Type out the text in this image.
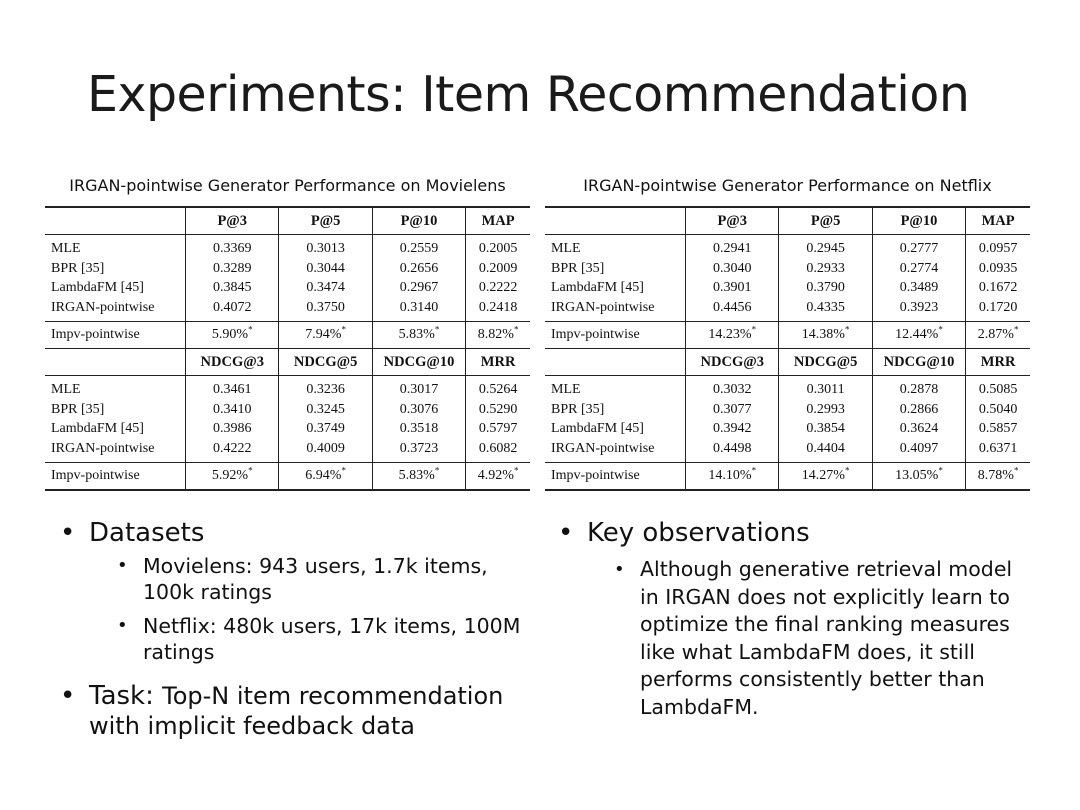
Experiments: Item Recommendation
IRGAN-pointwise Generator Performance on Movielens
	P@3	P@5	P@10	MAP
MLE	0.3369	0.3013	0.2559	0.2005
BPR [35]	0.3289	0.3044	0.2656	0.2009
LambdaFM [45]	0.3845	0.3474	0.2967	0.2222
IRGAN-pointwise	0.4072	0.3750	0.3140	0.2418
Impv-pointwise	5.90%*	7.94%*	5.83%*	8.82%*
	NDCG@3	NDCG@5	NDCG@10	MRR
MLE	0.3461	0.3236	0.3017	0.5264
BPR [35]	0.3410	0.3245	0.3076	0.5290
LambdaFM [45]	0.3986	0.3749	0.3518	0.5797
IRGAN-pointwise	0.4222	0.4009	0.3723	0.6082
Impv-pointwise	5.92%*	6.94%*	5.83%*	4.92%*
IRGAN-pointwise Generator Performance on Netflix
	P@3	P@5	P@10	MAP
MLE	0.2941	0.2945	0.2777	0.0957
BPR [35]	0.3040	0.2933	0.2774	0.0935
LambdaFM [45]	0.3901	0.3790	0.3489	0.1672
IRGAN-pointwise	0.4456	0.4335	0.3923	0.1720
Impv-pointwise	14.23%*	14.38%*	12.44%*	2.87%*
	NDCG@3	NDCG@5	NDCG@10	MRR
MLE	0.3032	0.3011	0.2878	0.5085
BPR [35]	0.3077	0.2993	0.2866	0.5040
LambdaFM [45]	0.3942	0.3854	0.3624	0.5857
IRGAN-pointwise	0.4498	0.4404	0.4097	0.6371
Impv-pointwise	14.10%*	14.27%*	13.05%*	8.78%*

• Datasets

• Movielens: 943 users, 1.7k items, 100k ratings

• Netflix: 480k users, 17k items, 100M ratings

• Task: Top-N item recommendation with implicit feedback data

• Key observations

• Although generative retrieval model in IRGAN does not explicitly learn to optimize the final ranking measures like what LambdaFM does, it still performs consistently better than LambdaFM.
